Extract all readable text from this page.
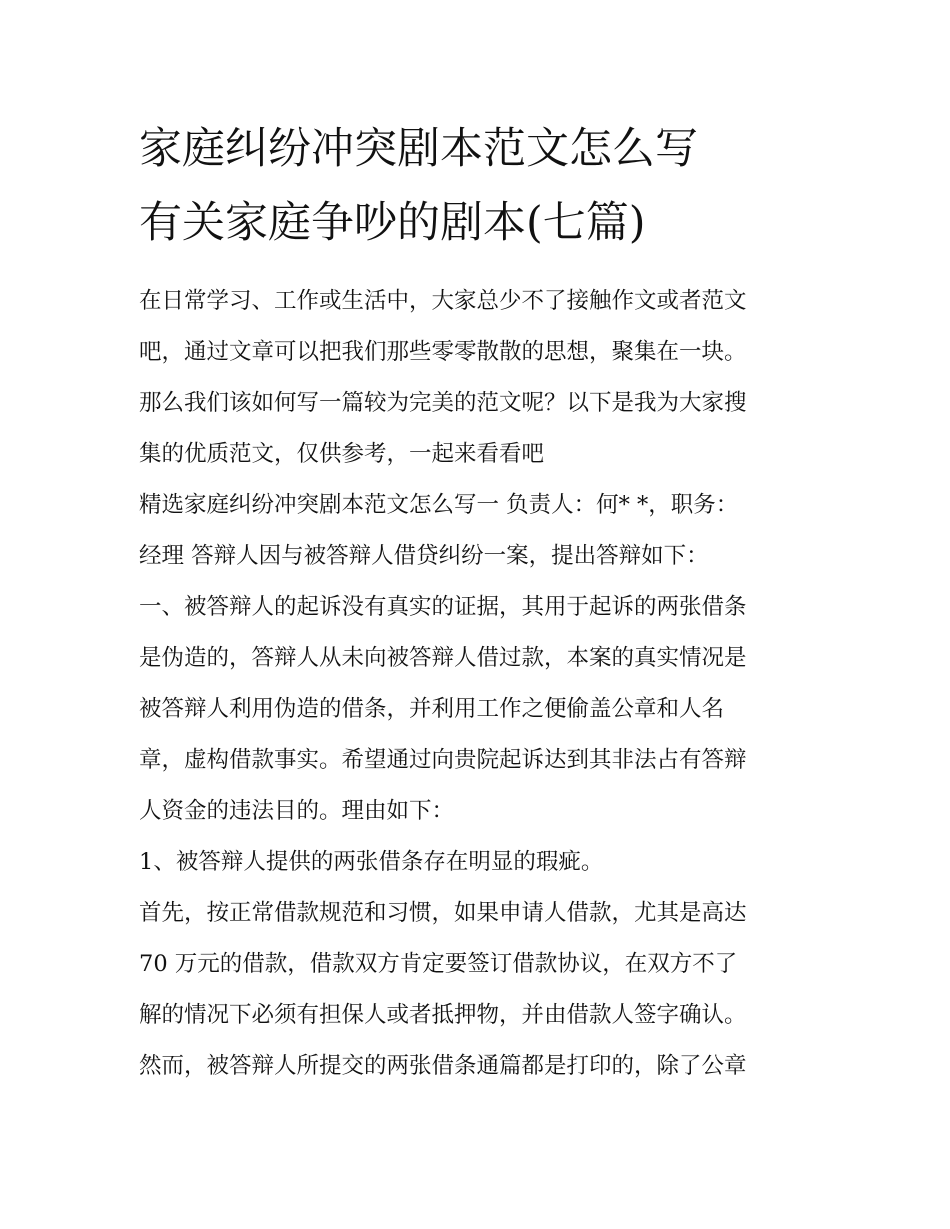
家庭纠纷冲突剧本范文怎么写
有关家庭争吵的剧本(七篇)
在日常学习、工作或生活中，大家总少不了接触作文或者范文
吧，通过文章可以把我们那些零零散散的思想，聚集在一块。
那么我们该如何写一篇较为完美的范文呢？以下是我为大家搜
集的优质范文，仅供参考，一起来看看吧
精选家庭纠纷冲突剧本范文怎么写一 负责人：何* *，职务：
经理 答辩人因与被答辩人借贷纠纷一案，提出答辩如下：
一、被答辩人的起诉没有真实的证据，其用于起诉的两张借条
是伪造的，答辩人从未向被答辩人借过款，本案的真实情况是
被答辩人利用伪造的借条，并利用工作之便偷盖公章和人名
章，虚构借款事实。希望通过向贵院起诉达到其非法占有答辩
人资金的违法目的。理由如下：
1、被答辩人提供的两张借条存在明显的瑕疵。
首先，按正常借款规范和习惯，如果申请人借款，尤其是高达
70 万元的借款，借款双方肯定要签订借款协议，在双方不了
解的情况下必须有担保人或者抵押物，并由借款人签字确认。
然而，被答辩人所提交的两张借条通篇都是打印的，除了公章
